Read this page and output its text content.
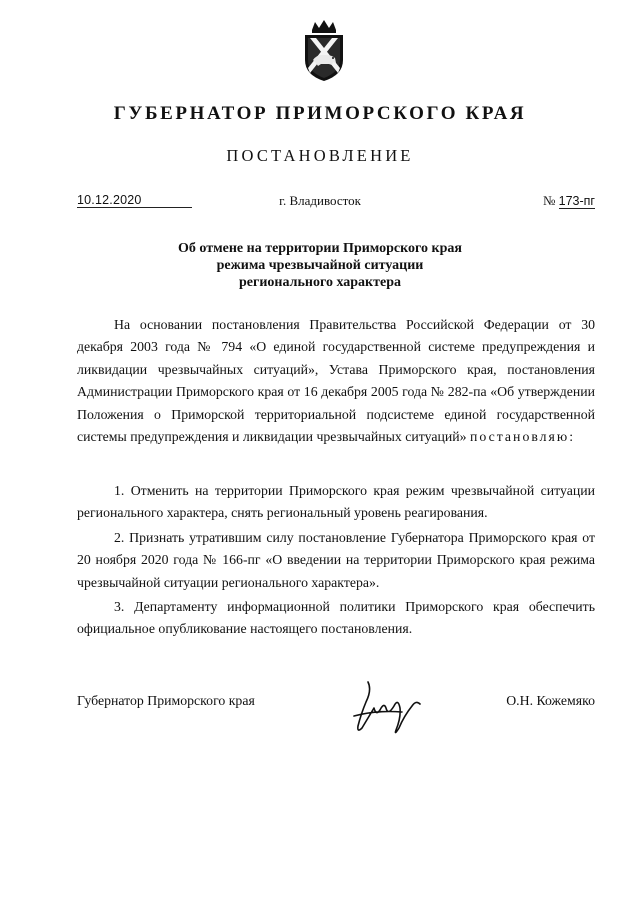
ГУБЕРНАТОР ПРИМОРСКОГО КРАЯ
ПОСТАНОВЛЕНИЕ
10.12.2020	г. Владивосток	№ 173-пг
Об отмене на территории Приморского края
режима чрезвычайной ситуации
регионального характера
На основании постановления Правительства Российской Федерации от 30 декабря 2003 года № 794 «О единой государственной системе предупреждения и ликвидации чрезвычайных ситуаций», Устава Приморского края, постановления Администрации Приморского края от 16 декабря 2005 года № 282-па «Об утверждении Положения о Приморской территориальной подсистеме единой государственной системы предупреждения и ликвидации чрезвычайных ситуаций» постановляю:
1. Отменить на территории Приморского края режим чрезвычайной ситуации регионального характера, снять региональный уровень реагирования.
2. Признать утратившим силу постановление Губернатора Приморского края от 20 ноября 2020 года № 166-пг «О введении на территории Приморского края режима чрезвычайной ситуации регионального характера».
3. Департаменту информационной политики Приморского края обеспечить официальное опубликование настоящего постановления.
Губернатор Приморского края	О.Н. Кожемяко
